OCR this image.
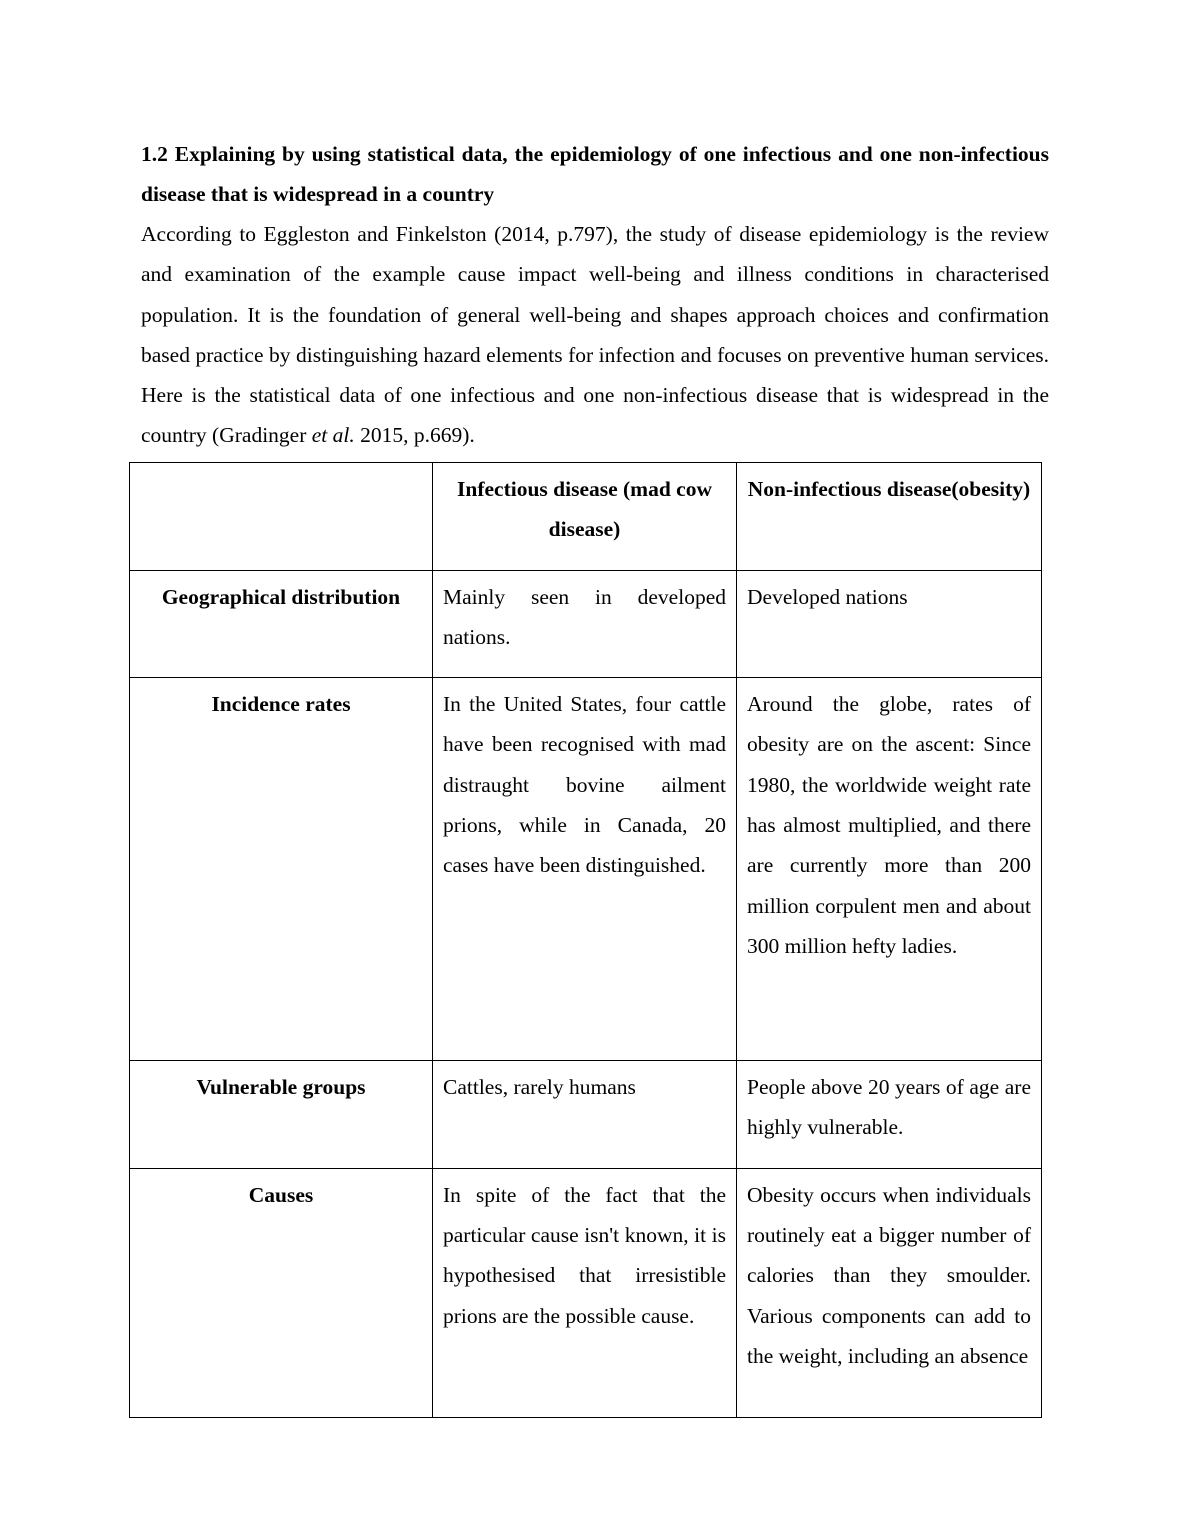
1.2 Explaining by using statistical data, the epidemiology of one infectious and one non-infectious disease that is widespread in a country

According to Eggleston and Finkelston (2014, p.797), the study of disease epidemiology is the review and examination of the example cause impact well-being and illness conditions in characterised population. It is the foundation of general well-being and shapes approach choices and confirmation based practice by distinguishing hazard elements for infection and focuses on preventive human services. Here is the statistical data of one infectious and one non-infectious disease that is widespread in the country (Gradinger et al. 2015, p.669).

	Infectious disease (mad cow disease)	Non-infectious disease(obesity)
Geographical distribution	Mainly seen in developed nations.	Developed nations
Incidence rates	In the United States, four cattle have been recognised with mad distraught bovine ailment prions, while in Canada, 20 cases have been distinguished.	Around the globe, rates of obesity are on the ascent: Since 1980, the worldwide weight rate has almost multiplied, and there are currently more than 200 million corpulent men and about 300 million hefty ladies.
Vulnerable groups	Cattles, rarely humans	People above 20 years of age are highly vulnerable.
Causes	In spite of the fact that the particular cause isn't known, it is hypothesised that irresistible prions are the possible cause.	Obesity occurs when individuals routinely eat a bigger number of calories than they smoulder. Various components can add to the weight, including an absence
